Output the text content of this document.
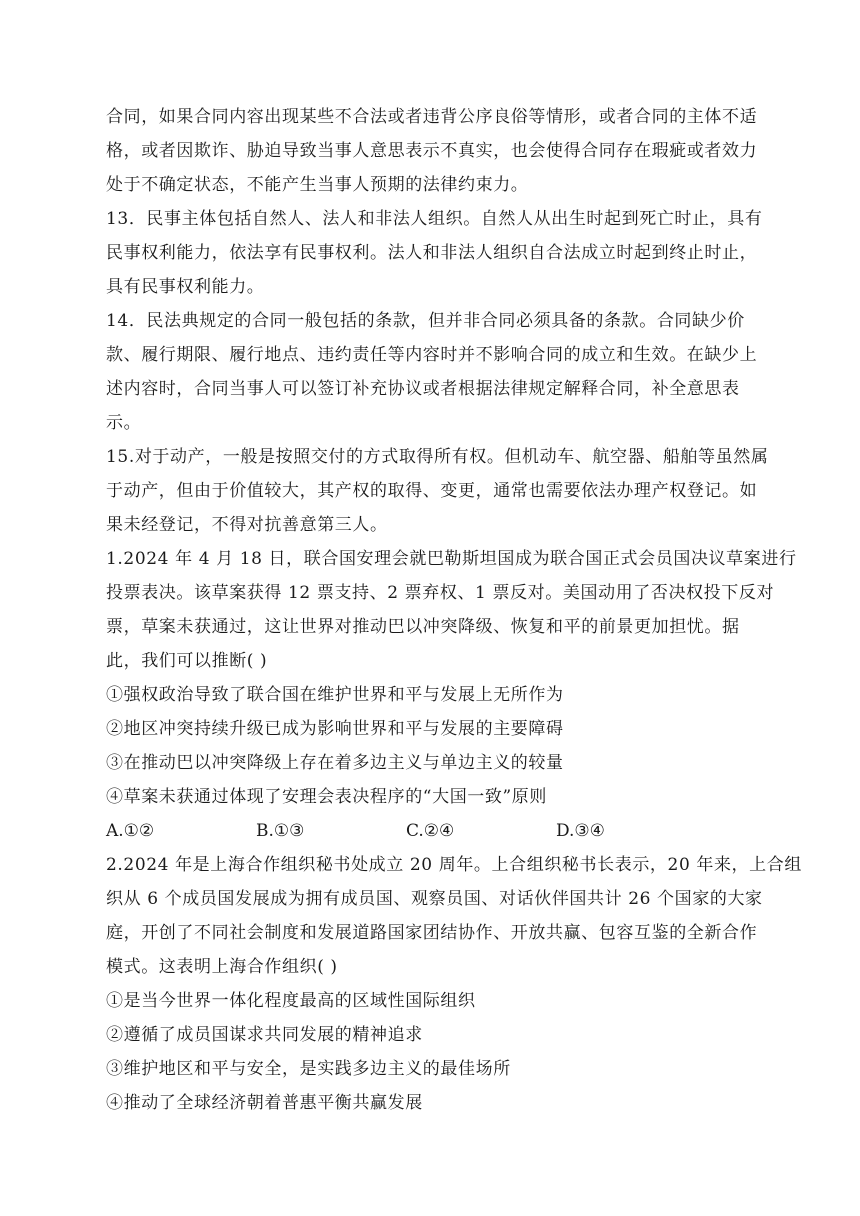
合同，如果合同内容出现某些不合法或者违背公序良俗等情形，或者合同的主体不适
格，或者因欺诈、胁迫导致当事人意思表示不真实，也会使得合同存在瑕疵或者效力
处于不确定状态，不能产生当事人预期的法律约束力。
13．民事主体包括自然人、法人和非法人组织。自然人从出生时起到死亡时止，具有
民事权利能力，依法享有民事权利。法人和非法人组织自合法成立时起到终止时止，
具有民事权利能力。
14．民法典规定的合同一般包括的条款，但并非合同必须具备的条款。合同缺少价
款、履行期限、履行地点、违约责任等内容时并不影响合同的成立和生效。在缺少上
述内容时，合同当事人可以签订补充协议或者根据法律规定解释合同，补全意思表
示。
15.对于动产，一般是按照交付的方式取得所有权。但机动车、航空器、船舶等虽然属
于动产，但由于价值较大，其产权的取得、变更，通常也需要依法办理产权登记。如
果未经登记，不得对抗善意第三人。
1.2024 年 4 月 18 日，联合国安理会就巴勒斯坦国成为联合国正式会员国决议草案进行
投票表决。该草案获得 12 票支持、2 票弃权、1 票反对。美国动用了否决权投下反对
票，草案未获通过，这让世界对推动巴以冲突降级、恢复和平的前景更加担忧。据
此，我们可以推断( )
①强权政治导致了联合国在维护世界和平与发展上无所作为
②地区冲突持续升级已成为影响世界和平与发展的主要障碍
③在推动巴以冲突降级上存在着多边主义与单边主义的较量
④草案未获通过体现了安理会表决程序的“大国一致”原则
A.①②	B.①③	C.②④	D.③④
2.2024 年是上海合作组织秘书处成立 20 周年。上合组织秘书长表示，20 年来，上合组
织从 6 个成员国发展成为拥有成员国、观察员国、对话伙伴国共计 26 个国家的大家
庭，开创了不同社会制度和发展道路国家团结协作、开放共赢、包容互鉴的全新合作
模式。这表明上海合作组织( )
①是当今世界一体化程度最高的区域性国际组织
②遵循了成员国谋求共同发展的精神追求
③维护地区和平与安全，是实践多边主义的最佳场所
④推动了全球经济朝着普惠平衡共赢发展
